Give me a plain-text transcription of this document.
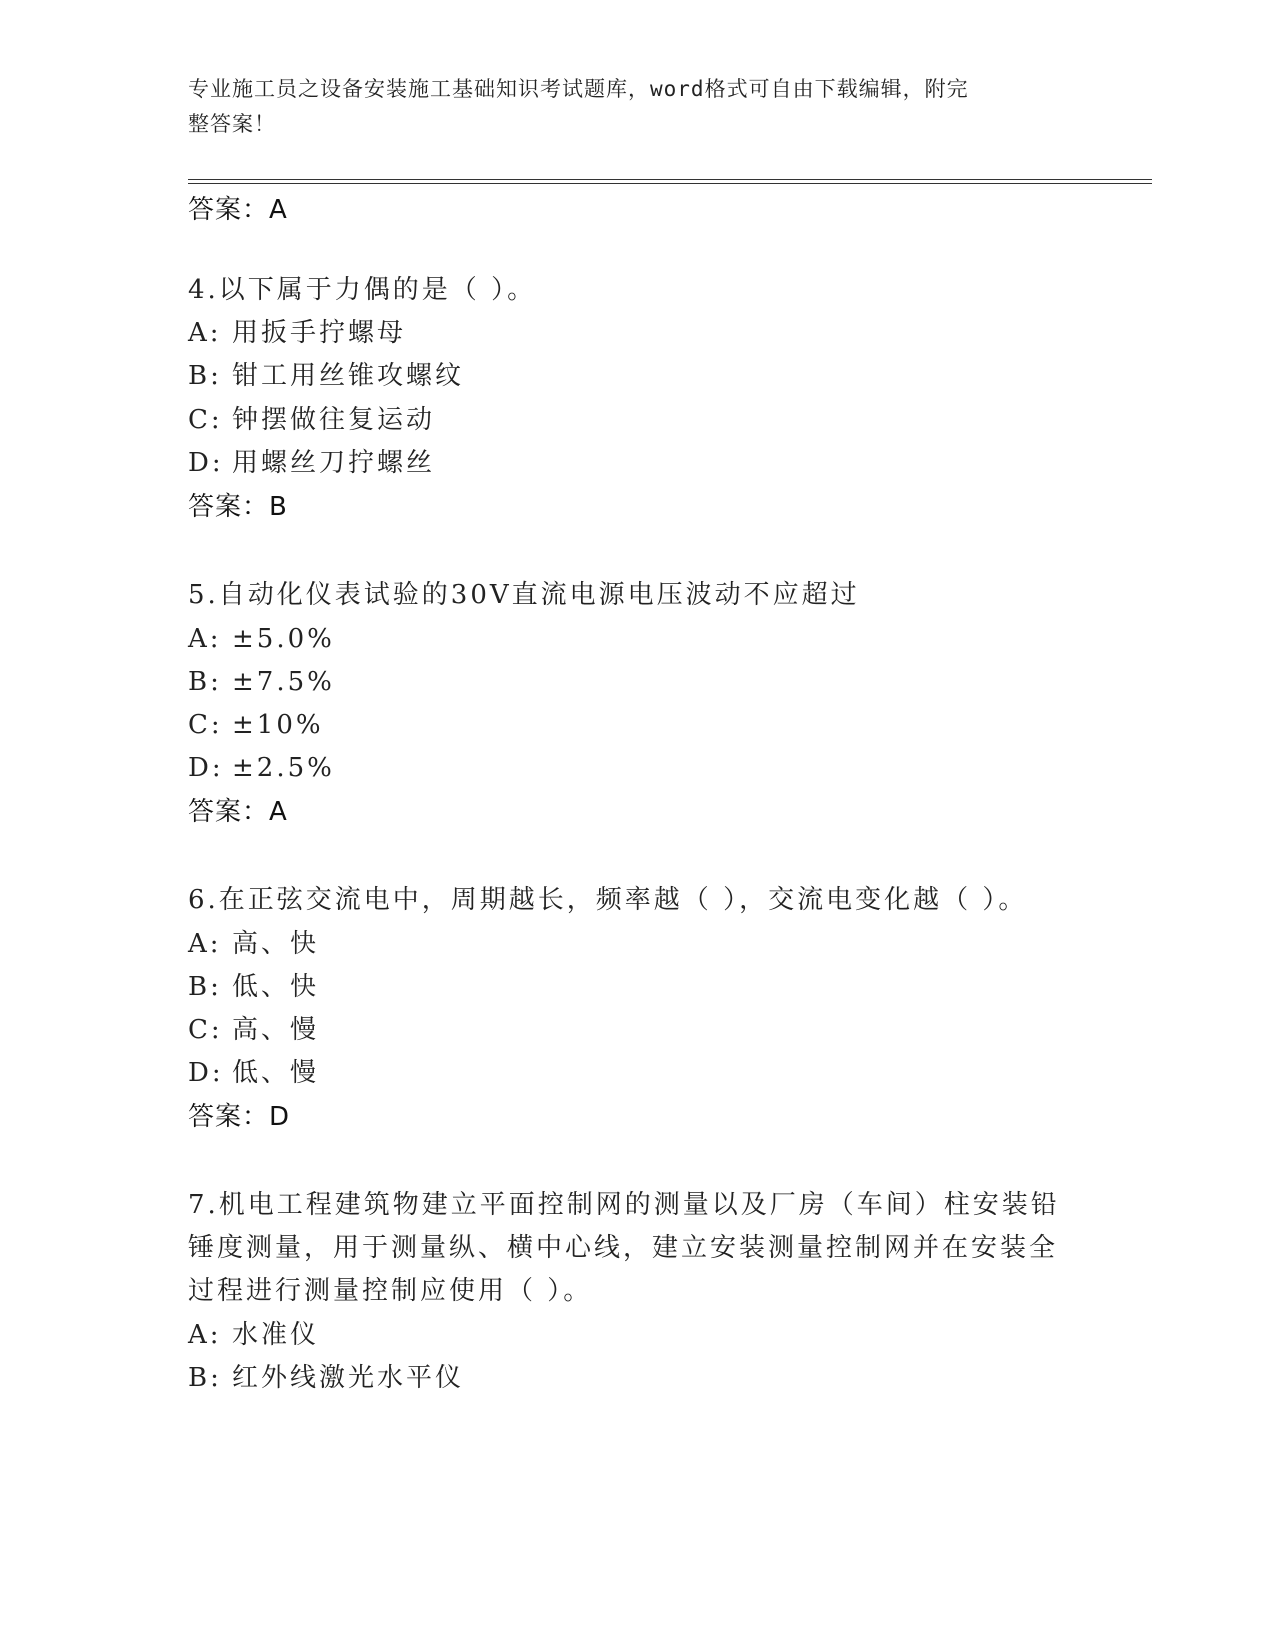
专业施工员之设备安装施工基础知识考试题库，word格式可自由下载编辑，附完
整答案！
答案：A
4.以下属于力偶的是（ ）。
A: 用扳手拧螺母
B: 钳工用丝锥攻螺纹
C: 钟摆做往复运动
D: 用螺丝刀拧螺丝
答案：B
5.自动化仪表试验的30V直流电源电压波动不应超过
A: ±5.0%
B: ±7.5%
C: ±10%
D: ±2.5%
答案：A
6.在正弦交流电中，周期越长，频率越（ ），交流电变化越（ ）。
A: 高、快
B: 低、快
C: 高、慢
D: 低、慢
答案：D
7.机电工程建筑物建立平面控制网的测量以及厂房（车间）柱安装铅
锤度测量，用于测量纵、横中心线，建立安装测量控制网并在安装全
过程进行测量控制应使用（ ）。
A: 水准仪
B: 红外线激光水平仪
